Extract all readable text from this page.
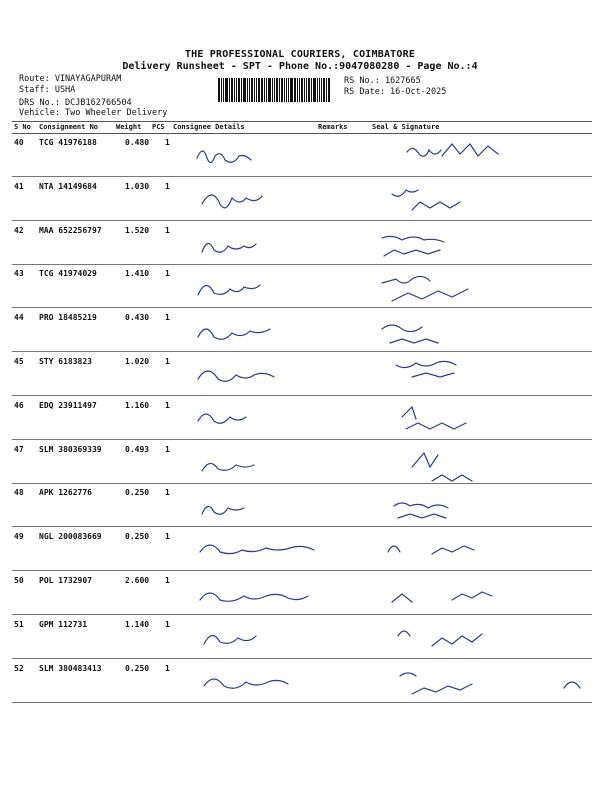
THE PROFESSIONAL COURIERS, COIMBATORE
Delivery Runsheet - SPT - Phone No.:9047080280 - Page No.:4
Route: VINAYAGAPURAM
Staff: USHA
DRS No.: DCJB162766504
RS No.: 1627665
RS Date: 16-Oct-2025
Vehicle: Two Wheeler Delivery
S No Consignment No	Weight PCS Consignee Details	Remarks	Seal & Signature
40 TCG 41976188	0.480 1
41 NTA 14149684	1.030 1
42 MAA 652256797	1.520 1
43 TCG 41974029	1.410 1
44 PRO 18485219	0.430 1
45 STY 6183823	1.020 1
46 EDQ 23911497	1.160 1
47 SLM 380369339	0.493 1
48 APK 1262776	0.250 1
49 NGL 200083669	0.250 1
50 POL 1732907	2.600 1
51 GPM 112731	1.140 1
52 SLM 380483413	0.250 1
